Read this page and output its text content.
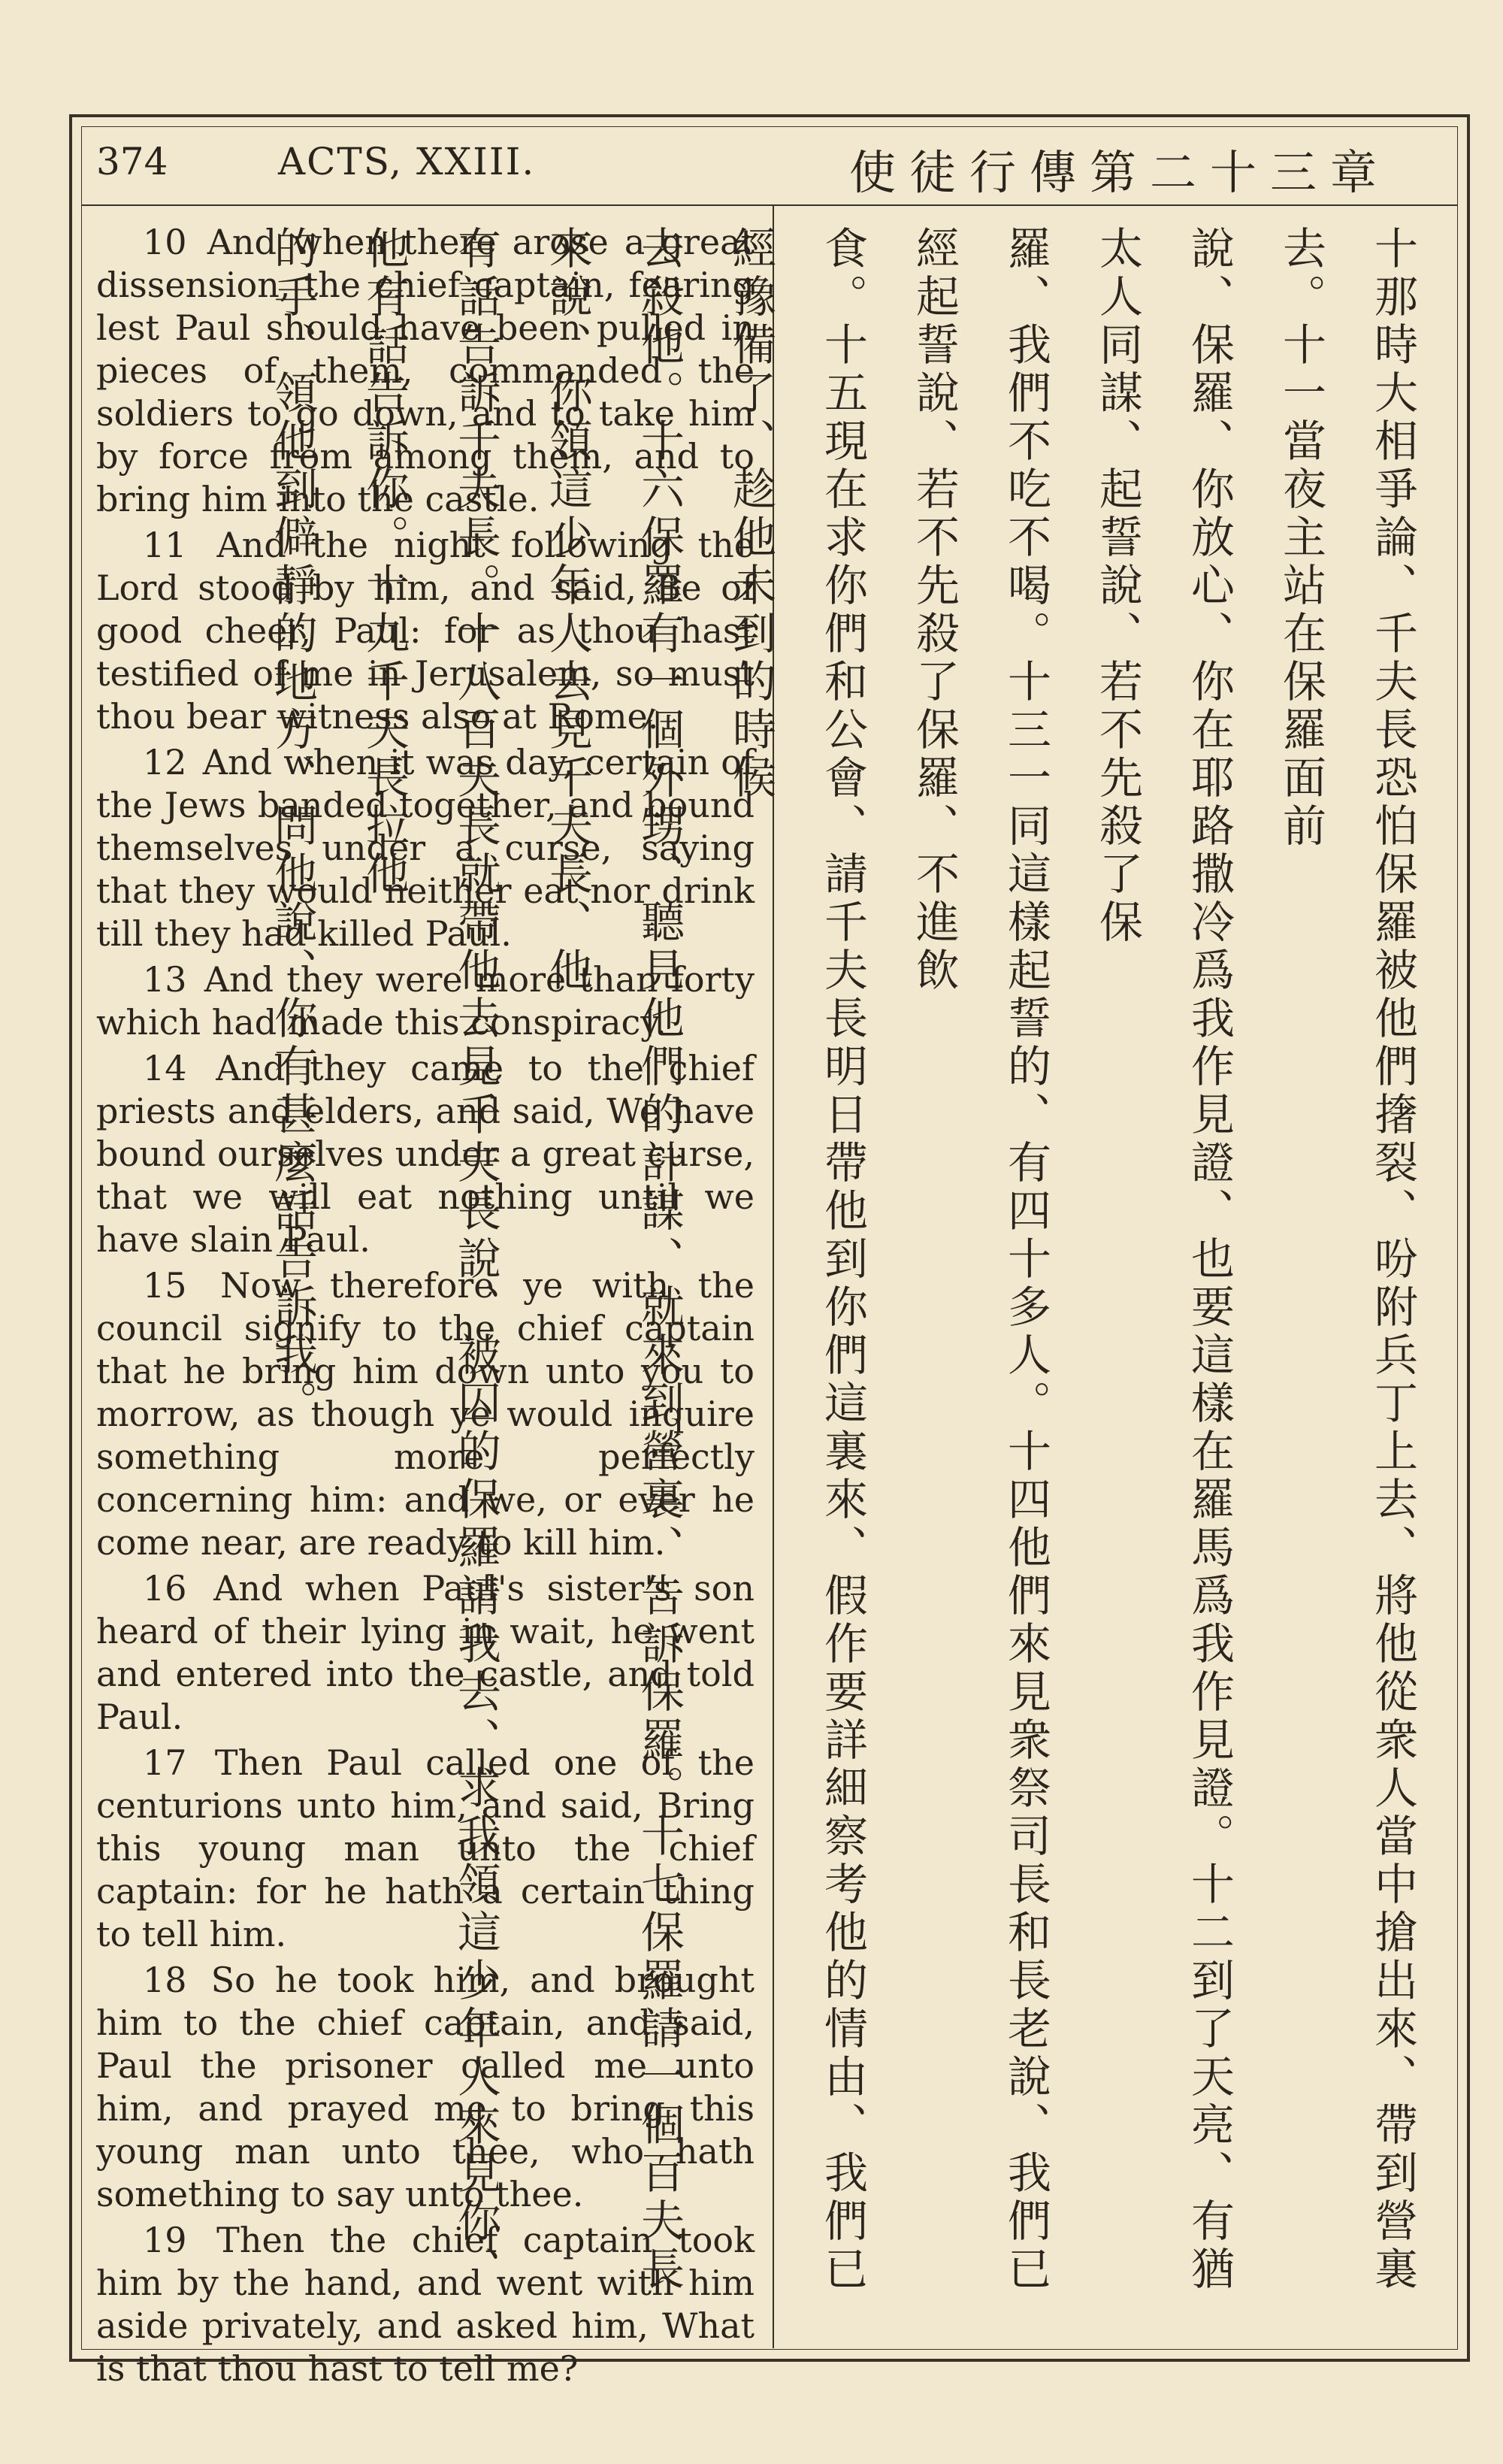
374	ACTS, XXIII.	使徒行傳第二十三章

10 And when there arose a great dissension, the chief captain, fearing lest Paul should have been pulled in pieces of them, commanded the soldiers to go down, and to take him by force from among them, and to bring him into the castle.

11 And the night following the Lord stood by him, and said, Be of good cheer, Paul: for as thou hast testified of me in Jerusalem, so must thou bear witness also at Rome.

12 And when it was day, certain of the Jews banded together, and bound themselves under a curse, saying that they would neither eat nor drink till they had killed Paul.

13 And they were more than forty which had made this conspiracy.

14 And they came to the chief priests and elders, and said, We have bound ourselves under a great curse, that we will eat nothing until we have slain Paul.

15 Now therefore ye with the council signify to the chief captain that he bring him down unto you to morrow, as though ye would inquire something more perfectly concerning him: and we, or ever he come near, are ready to kill him.

16 And when Paul's sister's son heard of their lying in wait, he went and entered into the castle, and told Paul.

17 Then Paul called one of the centurions unto him, and said, Bring this young man unto the chief captain: for he hath a certain thing to tell him.

18 So he took him, and brought him to the chief captain, and said, Paul the prisoner called me unto him, and prayed me to bring this young man unto thee, who hath something to say unto thee.

19 Then the chief captain took him by the hand, and went with him aside privately, and asked him, What is that thou hast to tell me?

十那時大相爭論、千夫長恐怕保羅被他們撦裂、吩附兵丁上去、將他從衆人當中搶出來、帶到營裏去。十一當夜主站在保羅面前

說、保羅、你放心、你在耶路撒冷爲我作見證、也要這樣在羅馬爲我作見證。十二到了天亮、有猶太人同謀、起誓說、若不先殺了保

羅、我們不吃不喝。十三一同這樣起誓的、有四十多人。十四他們來見衆祭司長和長老說、我們已經起誓說、若不先殺了保羅、不進飲

食。十五現在求你們和公會、請千夫長明日帶他到你們這裏來、假作要詳細察考他的情由、我們已經豫備了、趁他未到的時候

去殺他。十六保羅有一個外甥、聽見他們的計謀、就來到營裏、告訴保羅。十七保羅請一個百夫長來說、你領這少年人去見千夫長、他

有話告訴千夫長。十八百夫長就帶他去見千夫長說、被囚的保羅請我去、求我領這少年人來見你、他有話告訴你。十九千夫長拉他

的手、領他到僻靜的地方、問他說、你有甚麼話告訴我。
